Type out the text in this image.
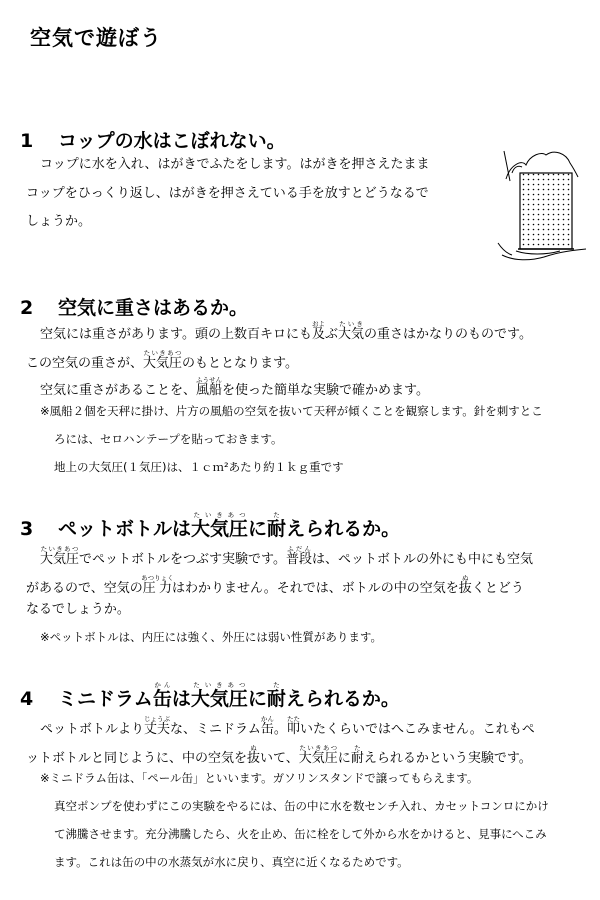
空気で遊ぼう
1 コップの水はこぼれない。
コップに水を入れ、はがきでふたをします。はがきを押さえたまま
コップをひっくり返し、はがきを押さえている手を放すとどうなるで
しょうか。
2 空気に重さはあるか。
空気には重さがあります。頭の上数百キロにも及およぶ大気たいきの重さはかなりのものです。
この空気の重さが、大気圧たいきあつのもととなります。
空気に重さがあることを、風船ふうせんを使った簡単な実験で確かめます。
※風船２個を天秤に掛け、片方の風船の空気を抜いて天秤が傾くことを観察します。針を刺すとこ
ろには、セロハンテープを貼っておきます。
地上の大気圧(１気圧)は、１ｃｍ²あたり約１ｋｇ重です
3 ペットボトルは大気圧たいきあつに耐たえられるか。
大気圧たいきあつでペットボトルをつぶす実験です。普段ふだんは、ペットボトルの外にも中にも空気
があるので、空気の圧力あつりょくはわかりません。それでは、ボトルの中の空気を抜ぬくとどう
なるでしょうか。
※ペットボトルは、内圧には強く、外圧には弱い性質があります。
4 ミニドラム缶かんは大気圧たいきあつに耐たえられるか。
ペットボトルより丈夫じょうぶな、ミニドラム缶かん。叩たたいたくらいではへこみません。これもペ
ットボトルと同じように、中の空気を抜ぬいて、大気圧たいきあつに耐たえられるかという実験です。
※ミニドラム缶は、「ペール缶」といいます。ガソリンスタンドで譲ってもらえます。
真空ポンプを使わずにこの実験をやるには、缶の中に水を数センチ入れ、カセットコンロにかけ
て沸騰させます。充分沸騰したら、火を止め、缶に栓をして外から水をかけると、見事にへこみ
ます。これは缶の中の水蒸気が水に戻り、真空に近くなるためです。
